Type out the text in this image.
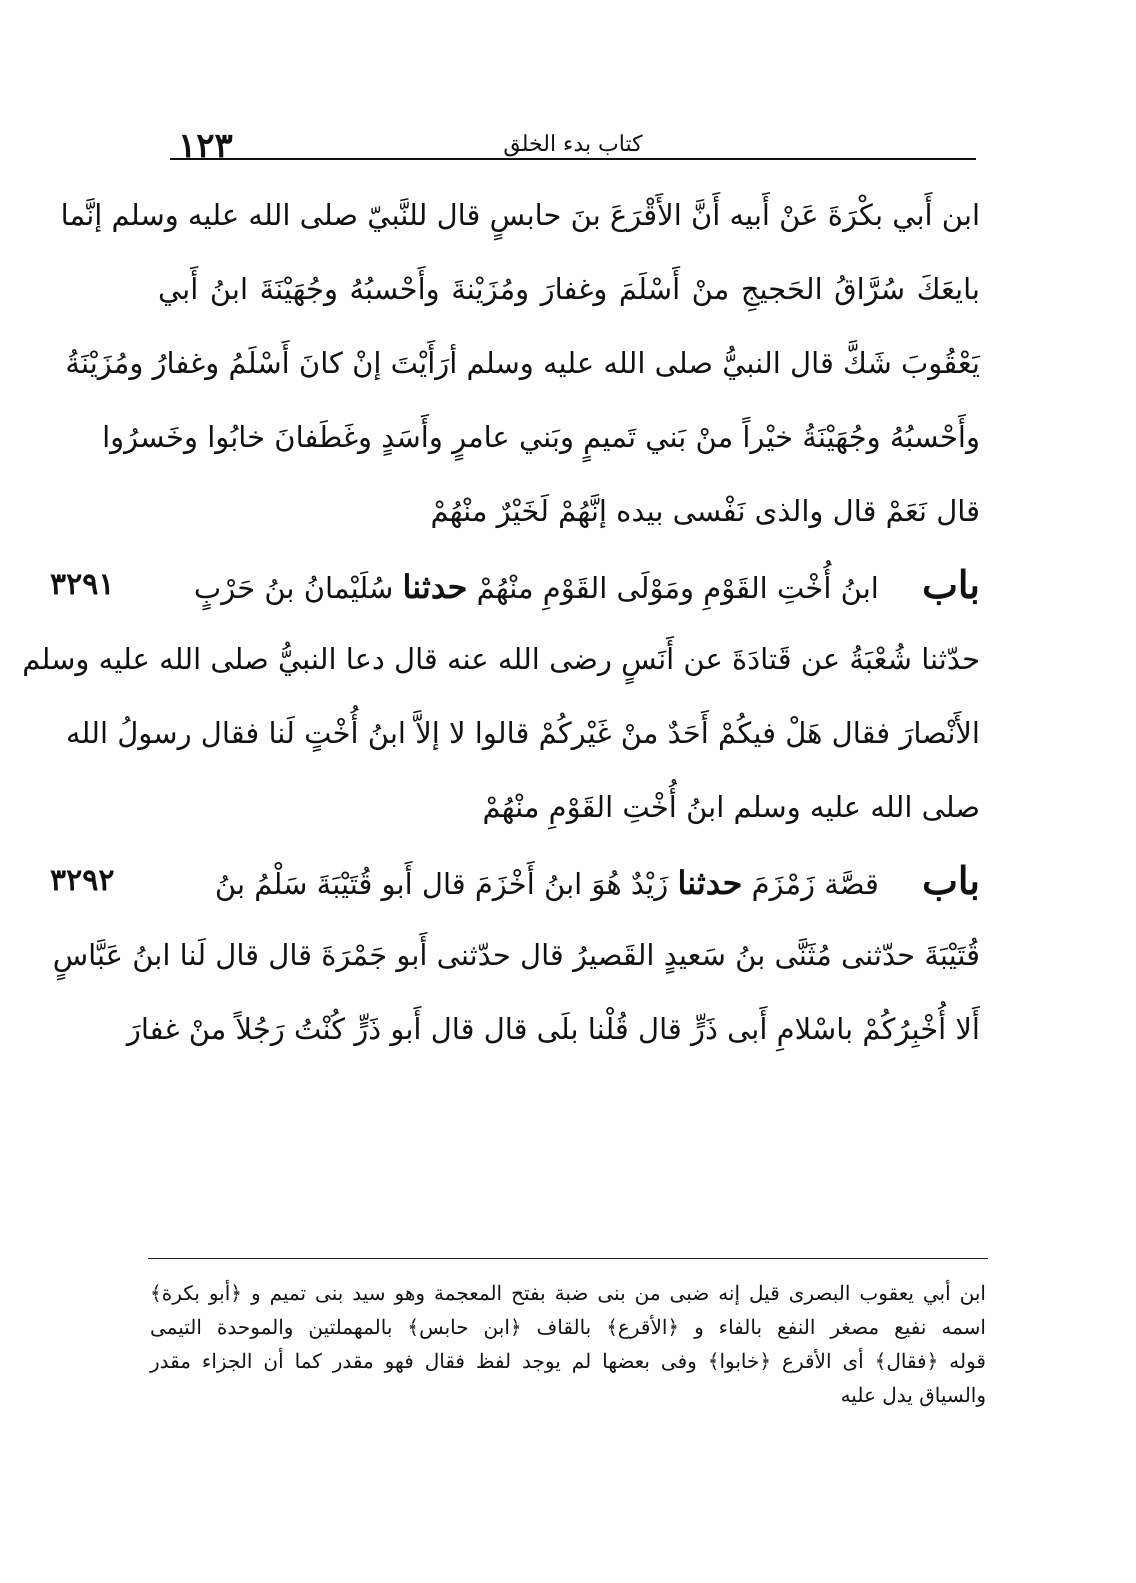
١٢٣	كتاب بدء الخلق
ابن أَبي بكْرَةَ عَنْ أَبيه أَنَّ الأَقْرَعَ بنَ حابسٍ قال للنَّبيّ صلى الله عليه وسلم إنَّما
بايعَكَ سُرَّاقُ الحَجيجِ منْ أَسْلَمَ وغفارَ ومُزَيْنةَ وأَحْسبُهُ وجُهَيْنَةَ ابنُ أَبي
يَعْقُوبَ شَكَّ قال النبيُّ صلى الله عليه وسلم أرَأَيْتَ إنْ كانَ أَسْلَمُ وغفارُ ومُزَيْنَةُ
وأَحْسبُهُ وجُهَيْنَةُ خيْراً منْ بَني تَميمٍ وبَني عامرٍ وأَسَدٍ وغَطَفانَ خابُوا وخَسرُوا
قال نَعَمْ قال والذى نَفْسى بيده إنَّهُمْ لَخَيْرٌ منْهُمْ
باب ابنُ أُخْتِ القَوْمِ ومَوْلَى القَوْمِ منْهُمْ حدثنا سُلَيْمانُ بنُ حَرْبٍ
٣٢٩١
حدّثنا شُعْبَةُ عن قَتادَةَ عن أَنَسٍ رضى الله عنه قال دعا النبيُّ صلى الله عليه وسلم
الأَنْصارَ فقال هَلْ فيكُمْ أَحَدٌ منْ غَيْركُمْ قالوا لا إلاَّ ابنُ أُخْتٍ لَنا فقال رسولُ الله
صلى الله عليه وسلم ابنُ أُخْتِ القَوْمِ منْهُمْ
باب قصَّة زَمْزَمَ حدثنا زَيْدٌ هُوَ ابنُ أَخْزَمَ قال أَبو قُتَيْبَةَ سَلْمُ بنُ
٣٢٩٢
قُتَيْبَةَ حدّثنى مُثَنَّى بنُ سَعيدٍ القَصيرُ قال حدّثنى أَبو جَمْرَةَ قال قال لَنا ابنُ عَبَّاسٍ
أَلا أُخْبِرُكُمْ باسْلامِ أَبى ذَرٍّ قال قُلْنا بلَى قال قال أَبو ذَرٍّ كُنْتُ رَجُلاً منْ غفارَ
ابن أبي يعقوب البصرى قيل إنه ضبى من بنى ضبة بفتح المعجمة وهو سيد بنى تميم و ﴿أبو بكرة﴾
اسمه نفيع مصغر النفع بالفاء و ﴿الأقرع﴾ بالقاف ﴿ابن حابس﴾ بالمهملتين والموحدة التيمى
قوله ﴿فقال﴾ أى الأقرع ﴿خابوا﴾ وفى بعضها لم يوجد لفظ فقال فهو مقدر كما أن الجزاء مقدر
والسياق يدل عليه
